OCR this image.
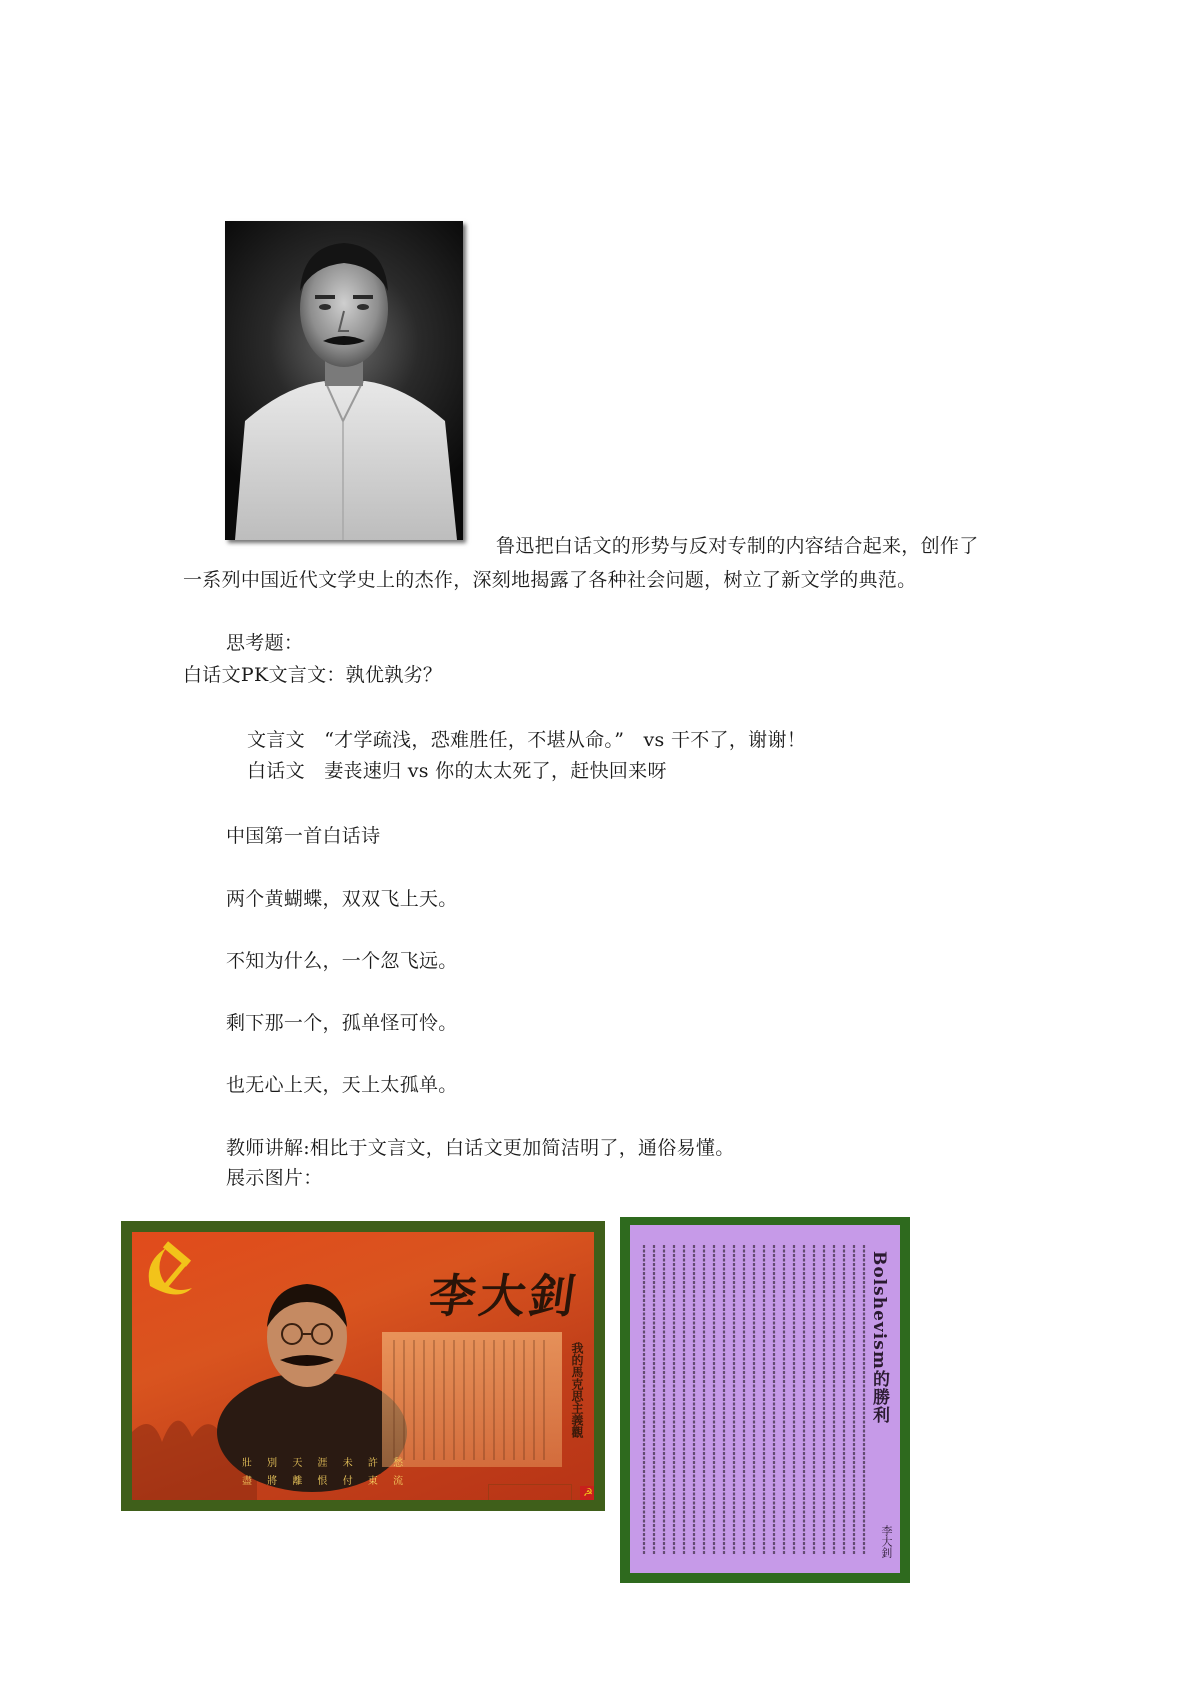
鲁迅把白话文的形势与反对专制的内容结合起来，创作了
一系列中国近代文学史上的杰作，深刻地揭露了各种社会问题，树立了新文学的典范。
思考题：
白话文PK文言文：孰优孰劣？
文言文　“才学疏浅，恐难胜任，不堪从命。”　vs 干不了，谢谢！
白话文　妻丧速归 vs 你的太太死了，赶快回来呀
中国第一首白话诗
两个黄蝴蝶，双双飞上天。
不知为什么，一个忽飞远。
剩下那一个，孤单怪可怜。
也无心上天，天上太孤单。
教师讲解:相比于文言文，白话文更加简洁明了，通俗易懂。
展示图片：
李大釗
我的馬克思主義觀
壯 別 天 涯 未 許 愁
盡 將 離 恨 付 東 流
☭
Bolshevism的勝利
李大釗
